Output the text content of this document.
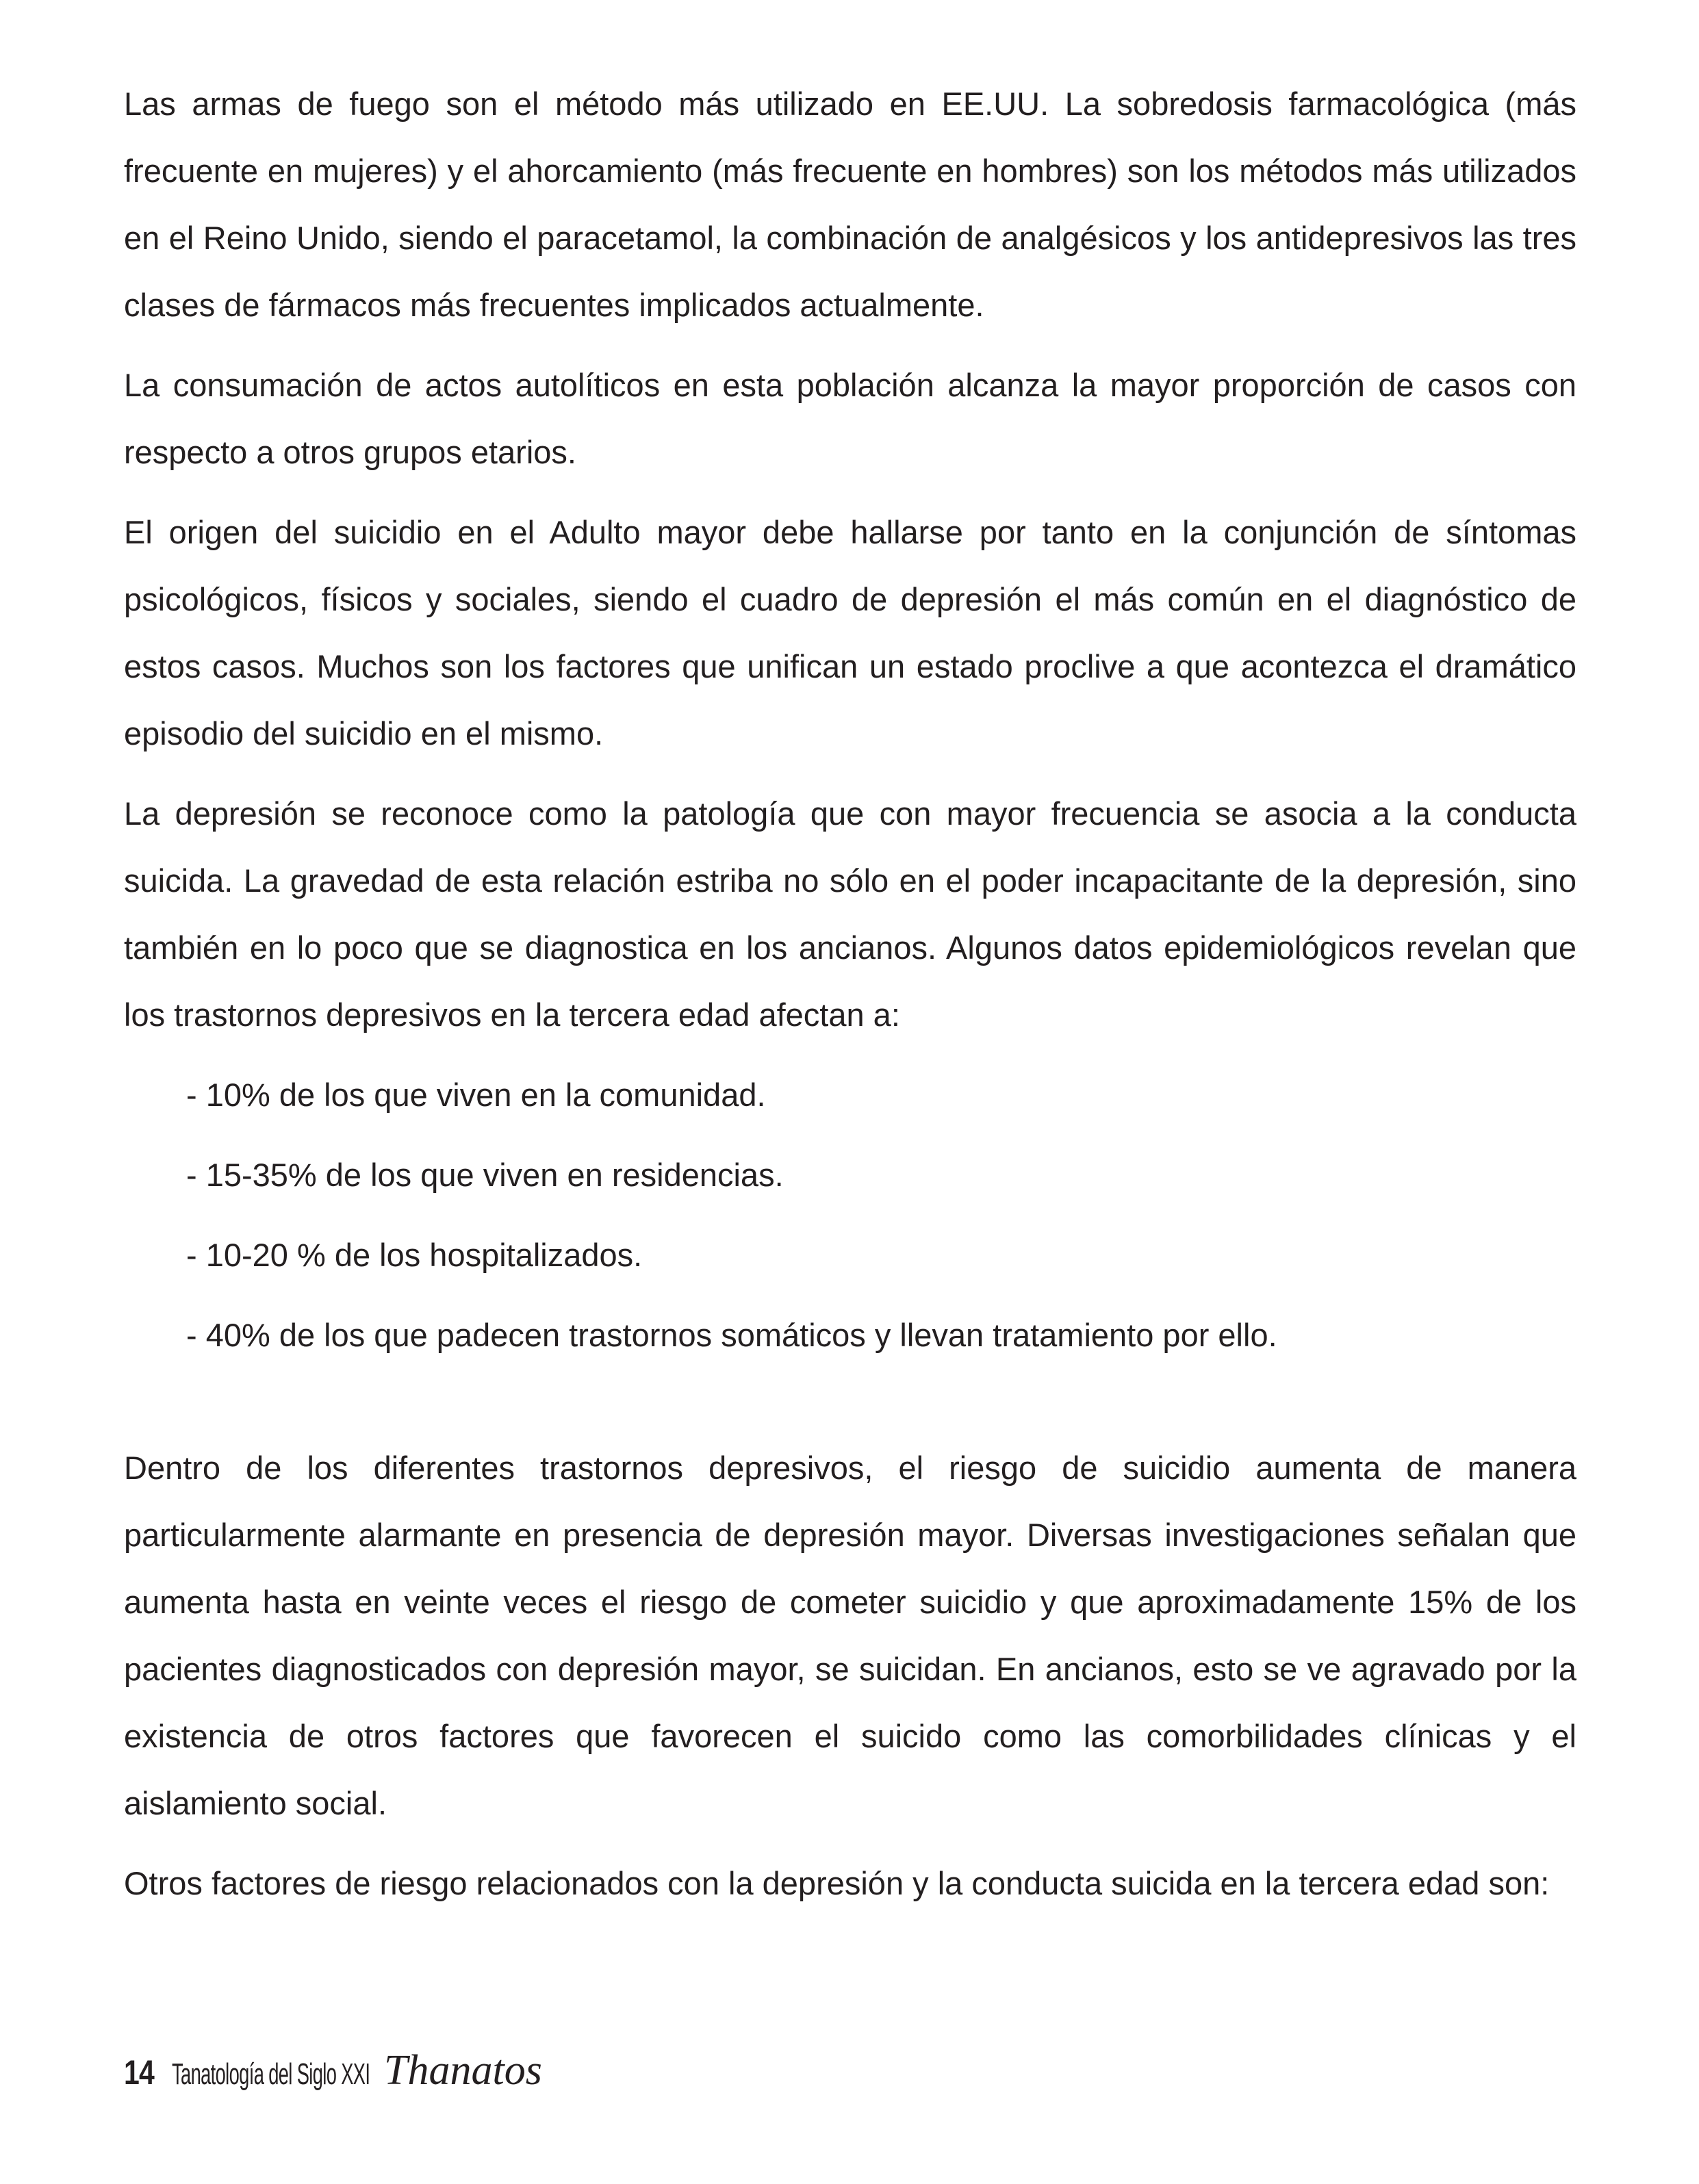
Las armas de fuego son el método más utilizado en EE.UU. La sobredosis farmacológica (más frecuente en mujeres) y el ahorcamiento (más frecuente en hombres) son los métodos más utilizados en el Reino Unido, siendo el paracetamol, la combinación de analgésicos y los antidepresivos las tres clases de fármacos más frecuentes implicados actualmente.

La consumación de actos autolíticos en esta población alcanza la mayor proporción de casos con respecto a otros grupos etarios.

El origen del suicidio en el Adulto mayor debe hallarse por tanto en la conjunción de síntomas psicológicos, físicos y sociales, siendo el cuadro de depresión el más común en el diagnóstico de estos casos. Muchos son los factores que unifican un estado proclive a que acontezca el dramático episodio del suicidio en el mismo.

La depresión se reconoce como la patología que con mayor frecuencia se asocia a la conducta suicida. La gravedad de esta relación estriba no sólo en el poder incapacitante de la depresión, sino también en lo poco que se diagnostica en los ancianos. Algunos datos epidemiológicos revelan que los trastornos depresivos en la tercera edad afectan a:

- 10% de los que viven en la comunidad.
- 15-35% de los que viven en residencias.
- 10-20 % de los hospitalizados.
- 40% de los que padecen trastornos somáticos y llevan tratamiento por ello.

Dentro de los diferentes trastornos depresivos, el riesgo de suicidio aumenta de manera particularmente alarmante en presencia de depresión mayor. Diversas investigaciones señalan que aumenta hasta en veinte veces el riesgo de cometer suicidio y que aproximadamente 15% de los pacientes diagnosticados con depresión mayor, se suicidan. En ancianos, esto se ve agravado por la existencia de otros factores que favorecen el suicido como las comorbilidades clínicas y el aislamiento social.

Otros factores de riesgo relacionados con la depresión y la conducta suicida en la tercera edad son:

14 Tanatología del Siglo XXI Thanatos
